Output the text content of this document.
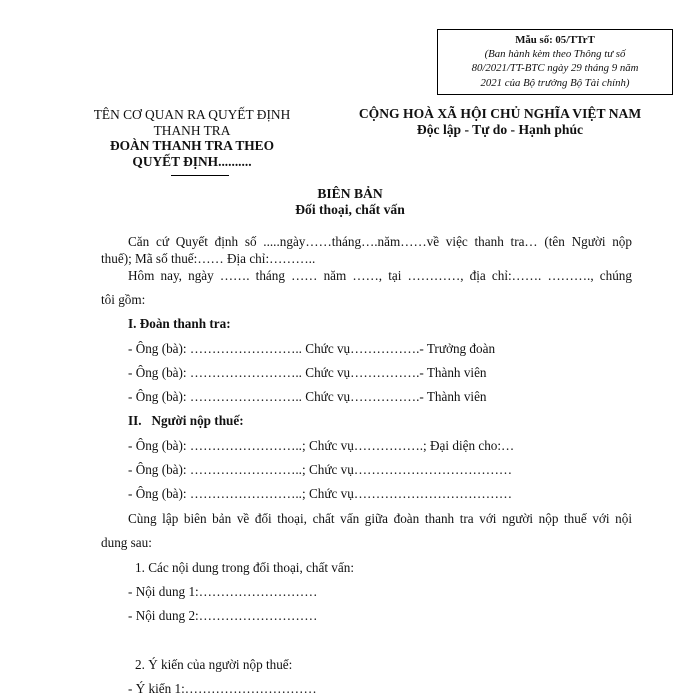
Mẫu số: 05/TTrT
(Ban hành kèm theo Thông tư số
80/2021/TT-BTC ngày 29 tháng 9 năm
2021 của Bộ trưởng Bộ Tài chính)
TÊN CƠ QUAN RA QUYẾT ĐỊNH
THANH TRA
ĐOÀN THANH TRA THEO
QUYẾT ĐỊNH..........
CỘNG HOÀ XÃ HỘI CHỦ NGHĨA VIỆT NAM
Độc lập - Tự do - Hạnh phúc
BIÊN BẢN
Đối thoại, chất vấn
Căn cứ Quyết định số .....ngày……tháng….năm……về việc thanh tra… (tên Người nộp
thuế); Mã số thuế:…… Địa chỉ:………..
Hôm nay, ngày ……. tháng …… năm ……, tại …………, địa chỉ:……. ………., chúng
tôi gồm:
I. Đoàn thanh tra:
- Ông (bà): …………………….. Chức vụ…………….- Trưởng đoàn
- Ông (bà): …………………….. Chức vụ…………….- Thành viên
- Ông (bà): …………………….. Chức vụ…………….- Thành viên
II.   Người nộp thuế:
- Ông (bà): ……………………..; Chức vụ…………….; Đại diện cho:…
- Ông (bà): ……………………..; Chức vụ………………………………
- Ông (bà): ……………………..; Chức vụ………………………………
Cùng lập biên bản về đối thoại, chất vấn giữa đoàn thanh tra với người nộp thuế với nội
dung sau:
1. Các nội dung trong đối thoại, chất vấn:
- Nội dung 1:………………………
- Nội dung 2:………………………
2. Ý kiến của người nộp thuế:
- Ý kiến 1:…………………………
